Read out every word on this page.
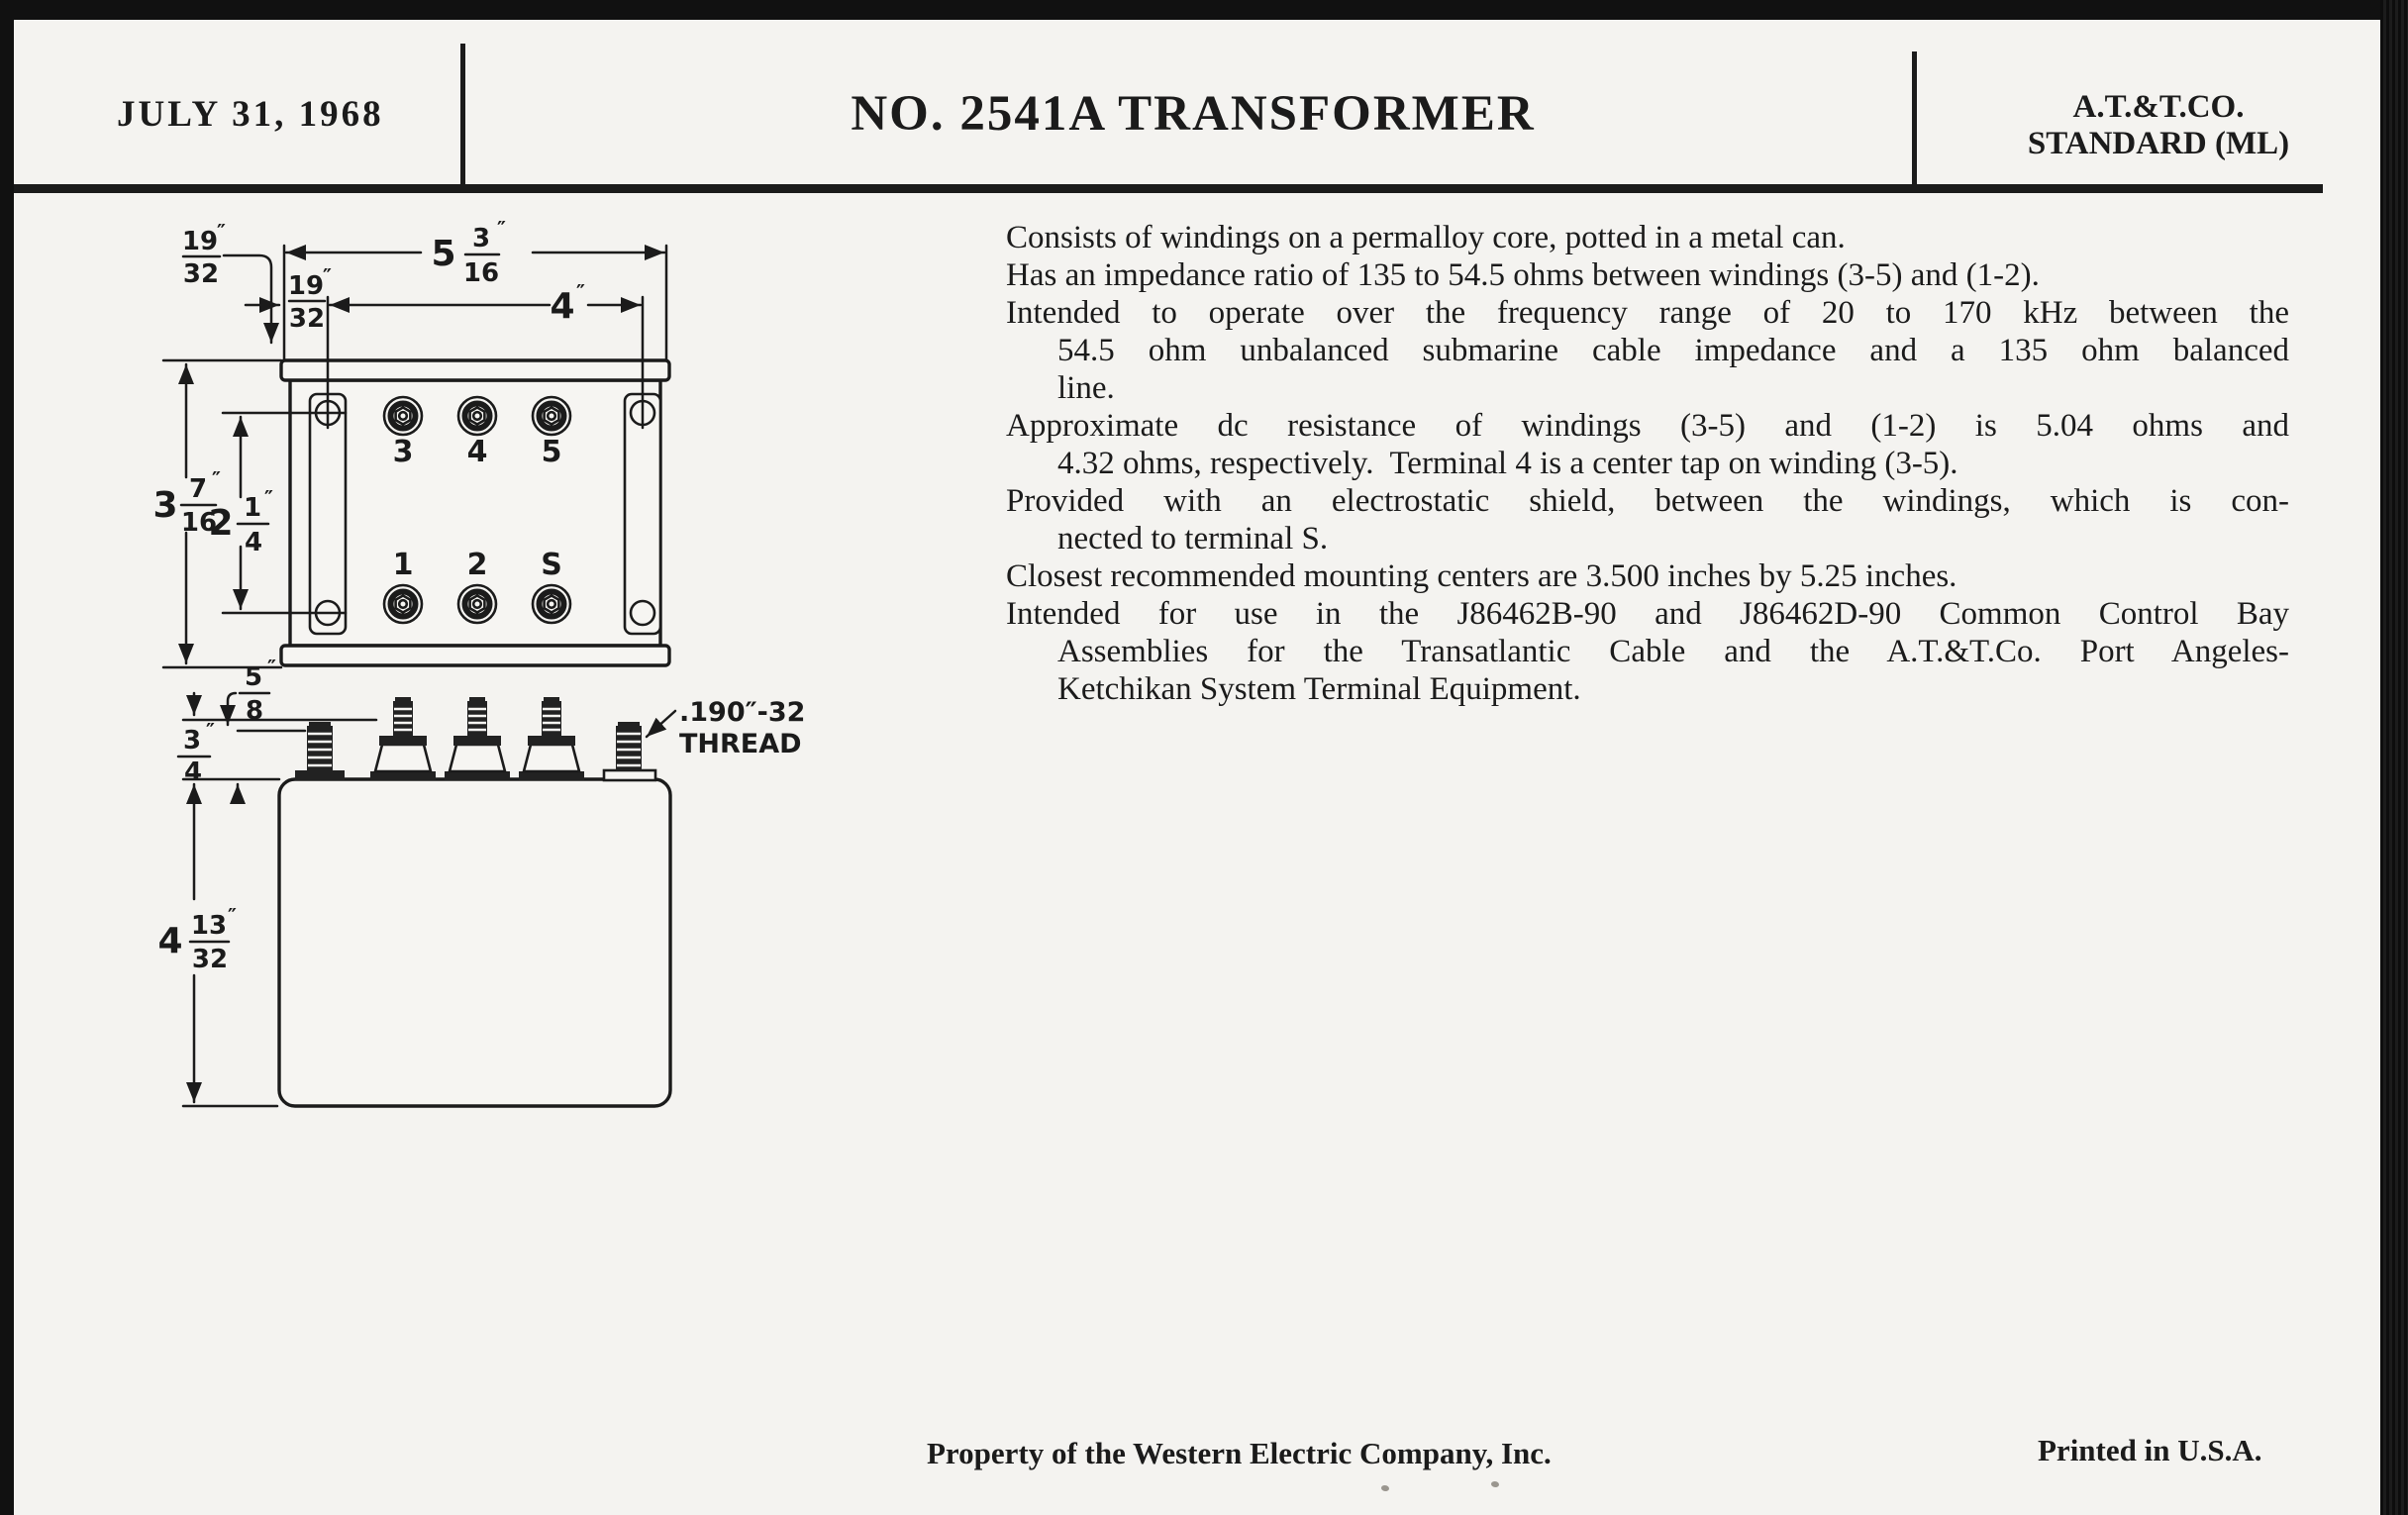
JULY 31, 1968	NO. 2541A TRANSFORMER	A.T.&T.CO.
STANDARD (ML)
Consists of windings on a permalloy core, potted in a metal can.
Has an impedance ratio of 135 to 54.5 ohms between windings (3-5) and (1-2).
Intended to operate over the frequency range of 20 to 170 kHz between the
54.5 ohm unbalanced submarine cable impedance and a 135 ohm balanced
line.
Approximate dc resistance of windings (3-5) and (1-2) is 5.04 ohms and
4.32 ohms, respectively.  Terminal 4 is a center tap on winding (3-5).
Provided with an electrostatic shield, between the windings, which is con-
nected to terminal S.
Closest recommended mounting centers are 3.500 inches by 5.25 inches.
Intended for use in the J86462B-90 and J86462D-90 Common Control Bay
Assemblies for the Transatlantic Cable and the A.T.&T.Co. Port Angeles-
Ketchikan System Terminal Equipment.
Property of the Western Electric Company, Inc.	Printed in U.S.A.
5 3 ″
16
4 ″
19
″
32
19
″
32
3 7 ″
16
2 1 ″
4
3 4 5
1 2 S
5 ″
8
3 ″
4
4 13 ″
32
.190″-32
THREAD
